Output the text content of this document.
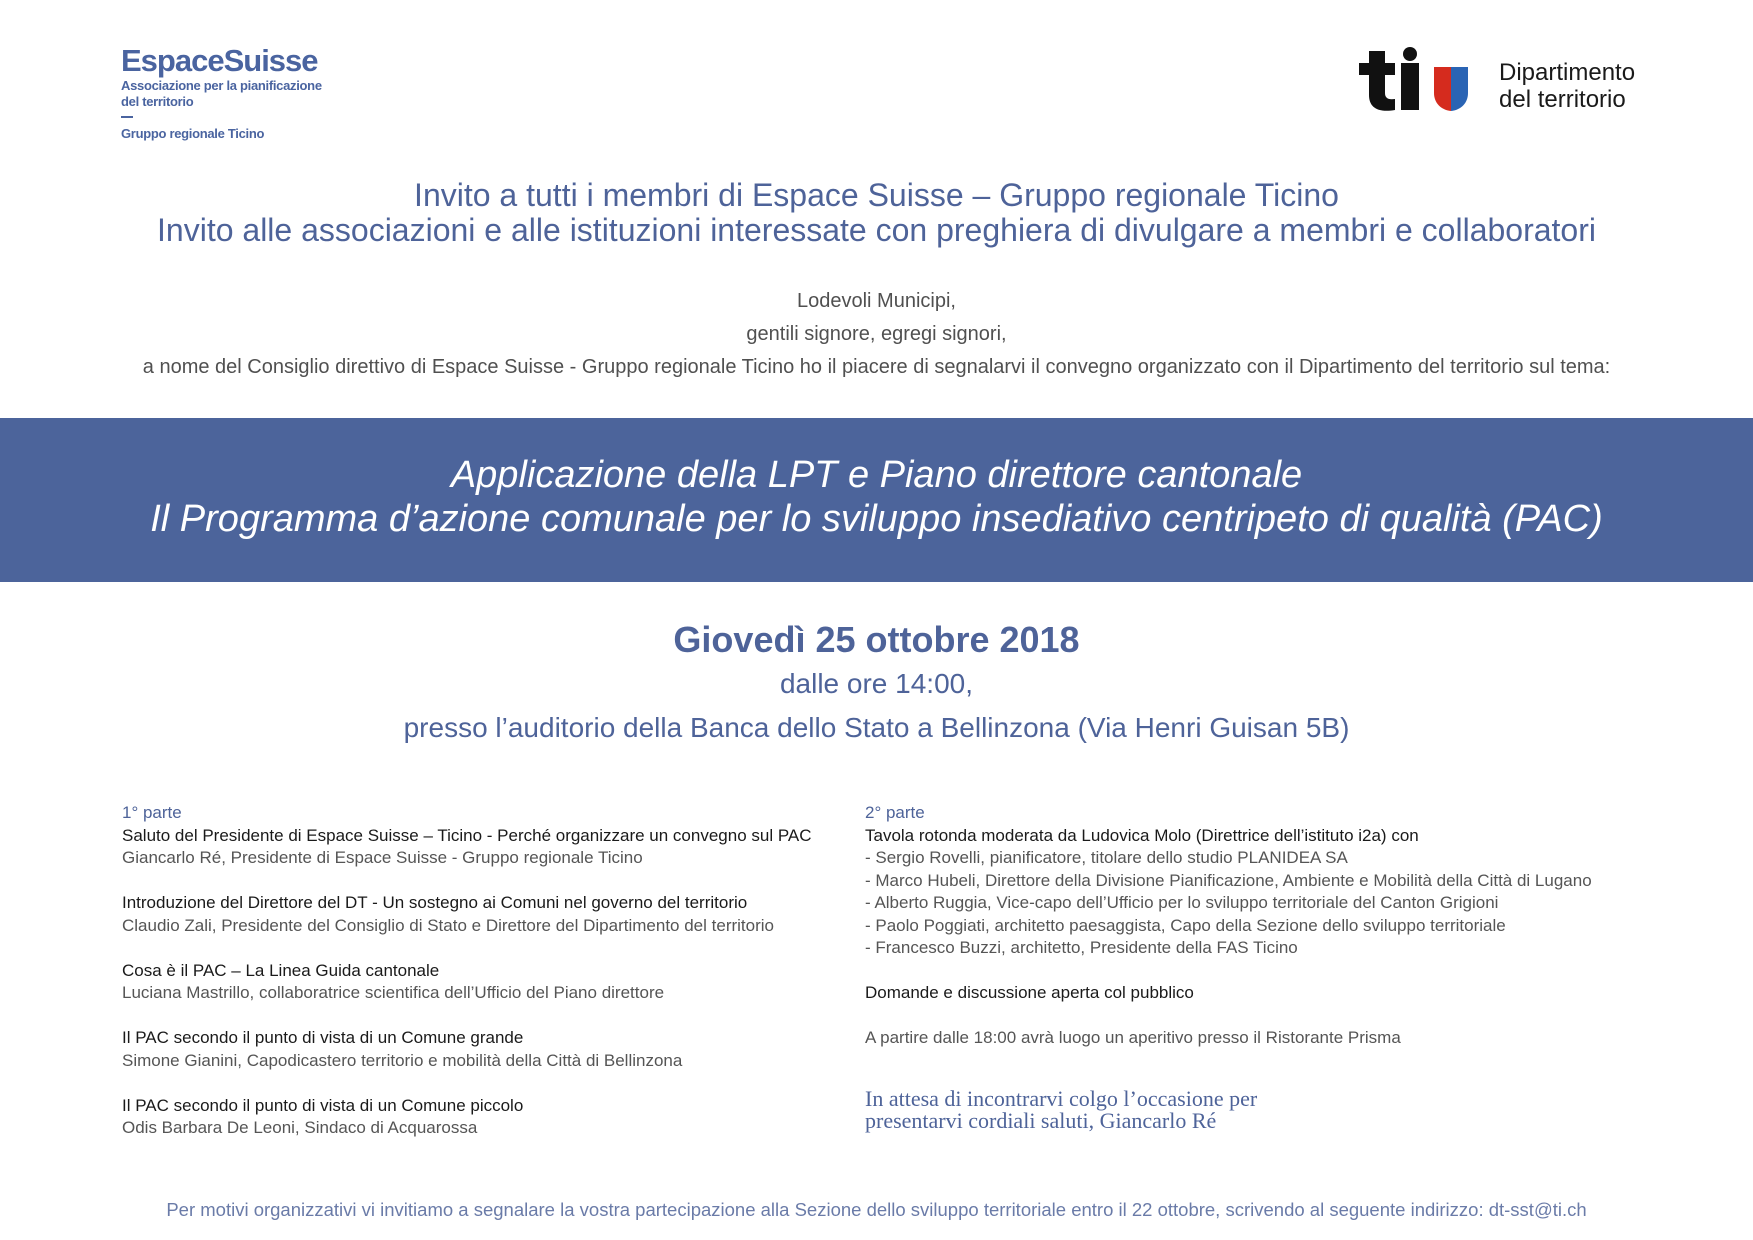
EspaceSuisse
Associazione per la pianificazione
del territorio
Gruppo regionale Ticino
Dipartimento
del territorio
Invito a tutti i membri di Espace Suisse – Gruppo regionale Ticino
Invito alle associazioni e alle istituzioni interessate con preghiera di divulgare a membri e collaboratori
Lodevoli Municipi,
gentili signore, egregi signori,
a nome del Consiglio direttivo di Espace Suisse - Gruppo regionale Ticino ho il piacere di segnalarvi il convegno organizzato con il Dipartimento del territorio sul tema:
Applicazione della LPT e Piano direttore cantonale
Il Programma d’azione comunale per lo sviluppo insediativo centripeto di qualità (PAC)
Giovedì 25 ottobre 2018
dalle ore 14:00,
presso l’auditorio della Banca dello Stato a Bellinzona (Via Henri Guisan 5B)
1° parte
Saluto del Presidente di Espace Suisse – Ticino - Perché organizzare un convegno sul PAC
Giancarlo Ré, Presidente di Espace Suisse - Gruppo regionale Ticino
Introduzione del Direttore del DT - Un sostegno ai Comuni nel governo del territorio
Claudio Zali, Presidente del Consiglio di Stato e Direttore del Dipartimento del territorio
Cosa è il PAC – La Linea Guida cantonale
Luciana Mastrillo, collaboratrice scientifica dell’Ufficio del Piano direttore
Il PAC secondo il punto di vista di un Comune grande
Simone Gianini, Capodicastero territorio e mobilità della Città di Bellinzona
Il PAC secondo il punto di vista di un Comune piccolo
Odis Barbara De Leoni, Sindaco di Acquarossa
2° parte
Tavola rotonda moderata da Ludovica Molo (Direttrice dell’istituto i2a) con
- Sergio Rovelli, pianificatore, titolare dello studio PLANIDEA SA
- Marco Hubeli, Direttore della Divisione Pianificazione, Ambiente e Mobilità della Città di Lugano
- Alberto Ruggia, Vice-capo dell’Ufficio per lo sviluppo territoriale del Canton Grigioni
- Paolo Poggiati, architetto paesaggista, Capo della Sezione dello sviluppo territoriale
- Francesco Buzzi, architetto, Presidente della FAS Ticino
Domande e discussione aperta col pubblico
A partire dalle 18:00 avrà luogo un aperitivo presso il Ristorante Prisma
In attesa di incontrarvi colgo l’occasione per
presentarvi cordiali saluti, Giancarlo Ré
Per motivi organizzativi vi invitiamo a segnalare la vostra partecipazione alla Sezione dello sviluppo territoriale entro il 22 ottobre, scrivendo al seguente indirizzo: dt-sst@ti.ch
